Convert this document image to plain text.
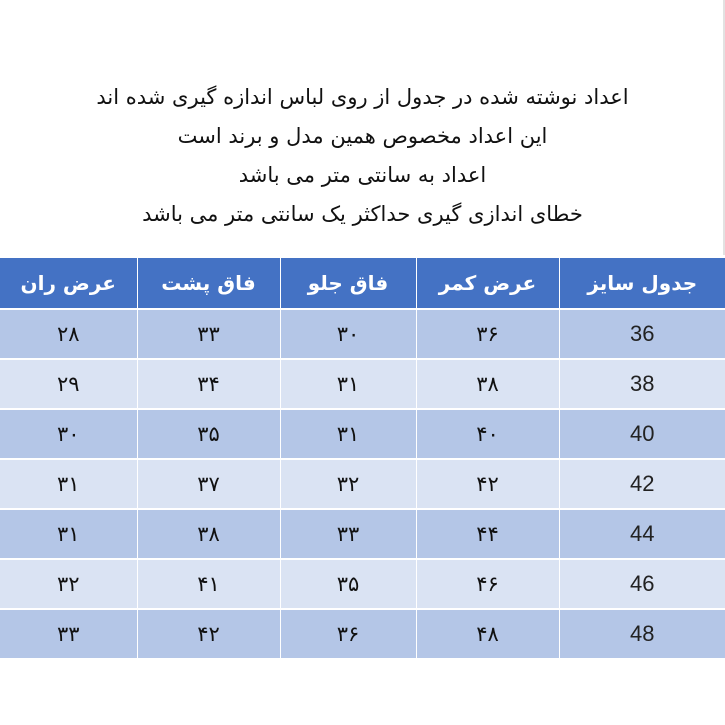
اعداد نوشته شده در جدول از روی لباس اندازه گیری شده اند
این اعداد مخصوص همین مدل و برند است
اعداد به سانتی متر می باشد
خطای اندازی گیری حداکثر یک سانتی متر می باشد
عرض ران	فاق پشت	فاق جلو	عرض کمر	جدول سایز
۲۸	۳۳	۳۰	۳۶	36
۲۹	۳۴	۳۱	۳۸	38
۳۰	۳۵	۳۱	۴۰	40
۳۱	۳۷	۳۲	۴۲	42
۳۱	۳۸	۳۳	۴۴	44
۳۲	۴۱	۳۵	۴۶	46
۳۳	۴۲	۳۶	۴۸	48
